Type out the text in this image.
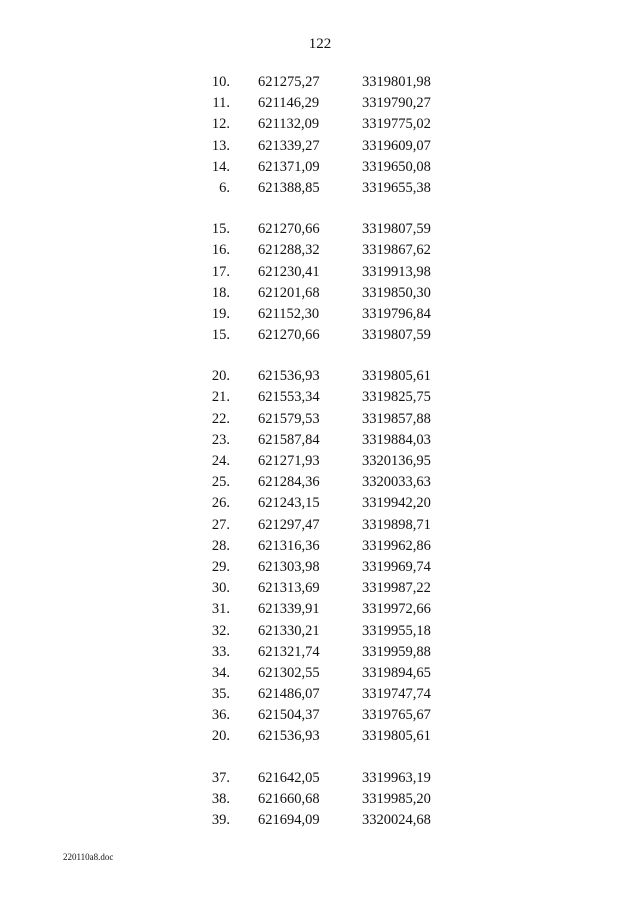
122
10. 621275,27	3319801,98
11. 621146,29	3319790,27
12. 621132,09	3319775,02
13. 621339,27	3319609,07
14. 621371,09	3319650,08
6. 621388,85	3319655,38
15. 621270,66	3319807,59
16. 621288,32	3319867,62
17. 621230,41	3319913,98
18. 621201,68	3319850,30
19. 621152,30	3319796,84
15. 621270,66	3319807,59
20. 621536,93	3319805,61
21. 621553,34	3319825,75
22. 621579,53	3319857,88
23. 621587,84	3319884,03
24. 621271,93	3320136,95
25. 621284,36	3320033,63
26. 621243,15	3319942,20
27. 621297,47	3319898,71
28. 621316,36	3319962,86
29. 621303,98	3319969,74
30. 621313,69	3319987,22
31. 621339,91	3319972,66
32. 621330,21	3319955,18
33. 621321,74	3319959,88
34. 621302,55	3319894,65
35. 621486,07	3319747,74
36. 621504,37	3319765,67
20. 621536,93	3319805,61
37. 621642,05	3319963,19
38. 621660,68	3319985,20
39. 621694,09	3320024,68
220110a8.doc
